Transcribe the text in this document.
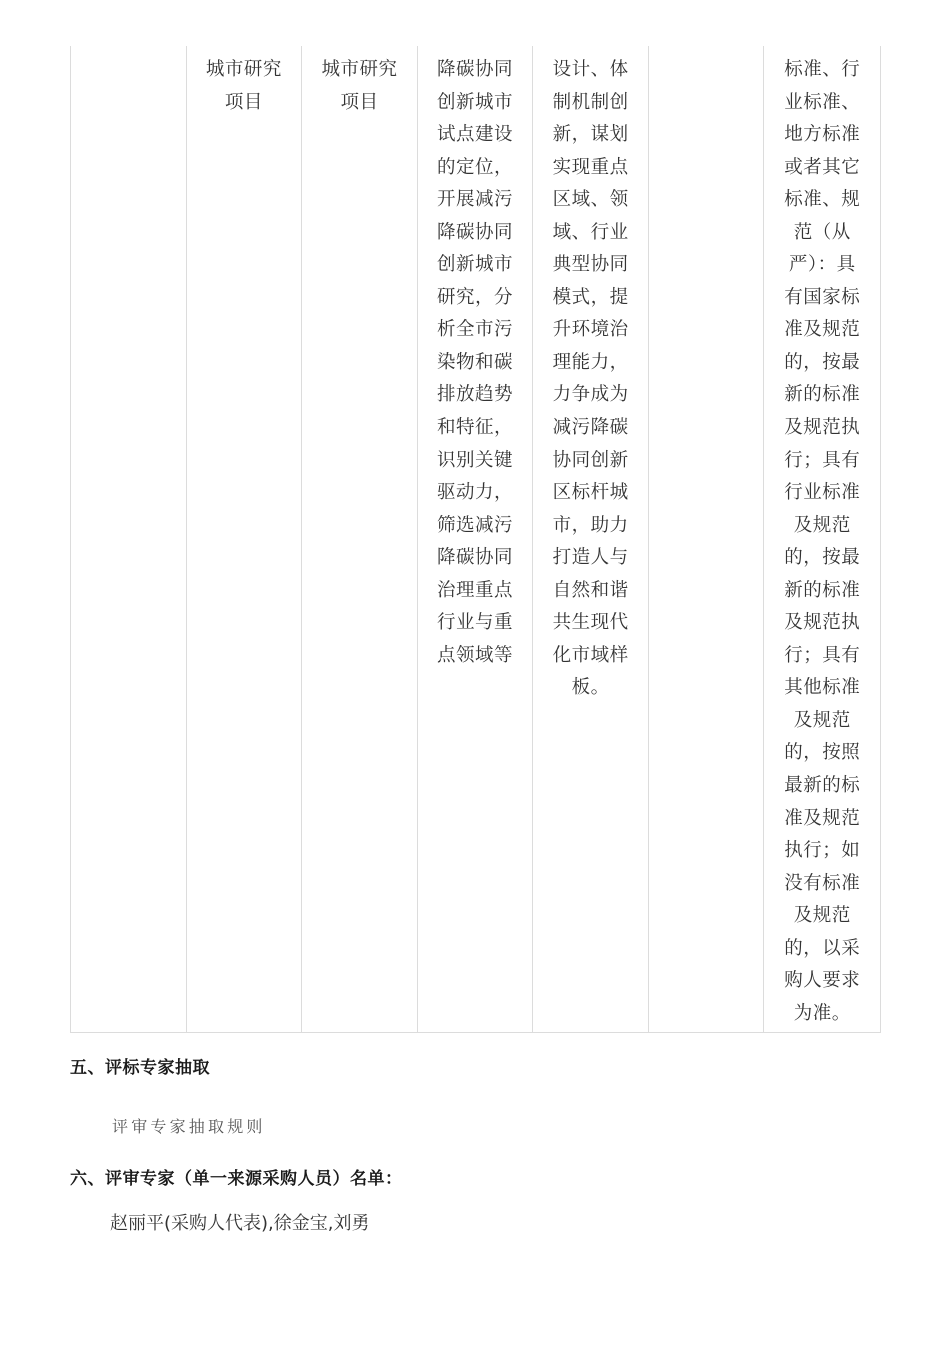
城市研究
项目
城市研究
项目
降碳协同
创新城市
试点建设
的定位，
开展减污
降碳协同
创新城市
研究，分
析全市污
染物和碳
排放趋势
和特征，
识别关键
驱动力，
筛选减污
降碳协同
治理重点
行业与重
点领域等
设计、体
制机制创
新，谋划
实现重点
区域、领
域、行业
典型协同
模式，提
升环境治
理能力，
力争成为
减污降碳
协同创新
区标杆城
市，助力
打造人与
自然和谐
共生现代
化市域样
板。
标准、行
业标准、
地方标准
或者其它
标准、规
范（从
严）：具
有国家标
准及规范
的，按最
新的标准
及规范执
行；具有
行业标准
及规范
的，按最
新的标准
及规范执
行；具有
其他标准
及规范
的，按照
最新的标
准及规范
执行；如
没有标准
及规范
的，以采
购人要求
为准。
五、评标专家抽取
评审专家抽取规则
六、评审专家（单一来源采购人员）名单：
赵丽平(采购人代表),徐金宝,刘勇
